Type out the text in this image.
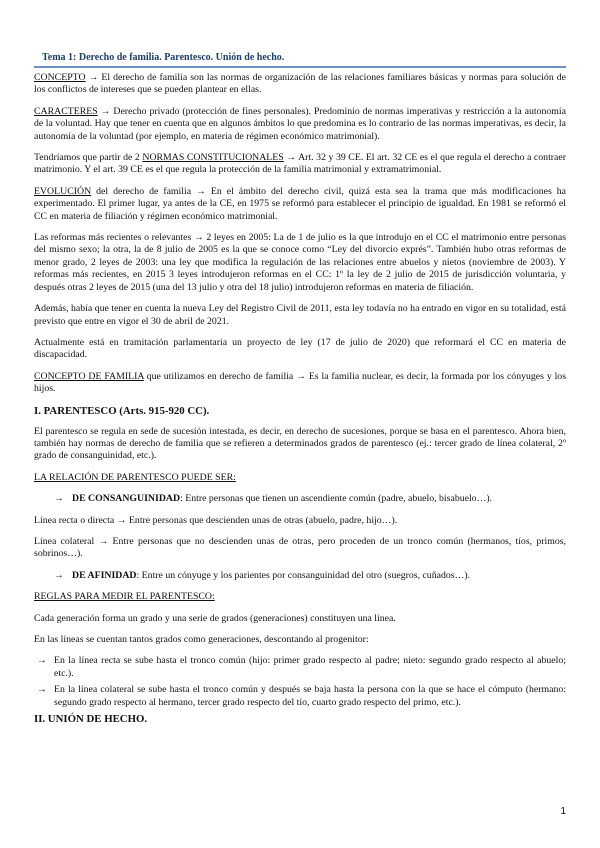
Tema 1: Derecho de familia. Parentesco. Unión de hecho.

CONCEPTO → El derecho de familia son las normas de organización de las relaciones familiares básicas y normas para solución de los conflictos de intereses que se pueden plantear en ellas.

CARACTERES → Derecho privado (protección de fines personales). Predominio de normas imperativas y restricción a la autonomía de la voluntad. Hay que tener en cuenta que en algunos ámbitos lo que predomina es lo contrario de las normas imperativas, es decir, la autonomía de la voluntad (por ejemplo, en materia de régimen económico matrimonial).

Tendríamos que partir de 2 NORMAS CONSTITUCIONALES → Art. 32 y 39 CE. El art. 32 CE es el que regula el derecho a contraer matrimonio. Y el art. 39 CE es el que regula la protección de la familia matrimonial y extramatrimonial.

EVOLUCIÓN del derecho de familia → En el ámbito del derecho civil, quizá esta sea la trama que más modificaciones ha experimentado. El primer lugar, ya antes de la CE, en 1975 se reformó para establecer el principio de igualdad. En 1981 se reformó el CC en materia de filiación y régimen económico matrimonial.

Las reformas más recientes o relevantes → 2 leyes en 2005: La de 1 de julio es la que introdujo en el CC el matrimonio entre personas del mismo sexo; la otra, la de 8 julio de 2005 es la que se conoce como “Ley del divorcio exprés”. También hubo otras reformas de menor grado, 2 leyes de 2003: una ley que modifica la regulación de las relaciones entre abuelos y nietos (noviembre de 2003). Y reformas más recientes, en 2015 3 leyes introdujeron reformas en el CC: 1º la ley de 2 julio de 2015 de jurisdicción voluntaria, y después otras 2 leyes de 2015 (una del 13 julio y otra del 18 julio) introdujeron reformas en materia de filiación.

Además, había que tener en cuenta la nueva Ley del Registro Civil de 2011, esta ley todavía no ha entrado en vigor en su totalidad, está previsto que entre en vigor el 30 de abril de 2021.

Actualmente está en tramitación parlamentaria un proyecto de ley (17 de julio de 2020) que reformará el CC en materia de discapacidad.

CONCEPTO DE FAMILIA que utilizamos en derecho de familia → Es la familia nuclear, es decir, la formada por los cónyuges y los hijos.

I. PARENTESCO (Arts. 915-920 CC).

El parentesco se regula en sede de sucesión intestada, es decir, en derecho de sucesiones, porque se basa en el parentesco. Ahora bien, también hay normas de derecho de familia que se refieren a determinados grados de parentesco (ej.: tercer grado de línea colateral, 2º grado de consanguinidad, etc.).

LA RELACIÓN DE PARENTESCO PUEDE SER:

→ DE CONSANGUINIDAD: Entre personas que tienen un ascendiente común (padre, abuelo, bisabuelo…).

Línea recta o directa → Entre personas que descienden unas de otras (abuelo, padre, hijo…).

Línea colateral → Entre personas que no descienden unas de otras, pero proceden de un tronco común (hermanos, tíos, primos, sobrinos…).

→ DE AFINIDAD: Entre un cónyuge y los parientes por consanguinidad del otro (suegros, cuñados…).

REGLAS PARA MEDIR EL PARENTESCO:

Cada generación forma un grado y una serie de grados (generaciones) constituyen una línea.

En las líneas se cuentan tantos grados como generaciones, descontando al progenitor:

→ En la línea recta se sube hasta el tronco común (hijo: primer grado respecto al padre; nieto: segundo grado respecto al abuelo; etc.).

→ En la línea colateral se sube hasta el tronco común y después se baja hasta la persona con la que se hace el cómputo (hermano: segundo grado respecto al hermano, tercer grado respecto del tío, cuarto grado respecto del primo, etc.).

II. UNIÓN DE HECHO.
1
